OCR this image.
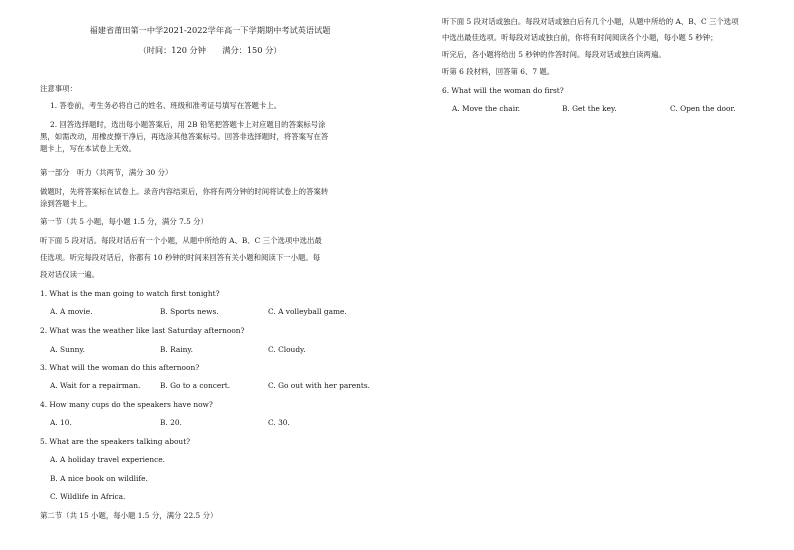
福建省莆田第一中学2021-2022学年高一下学期期中考试英语试题
（时间：120 分钟　　满分：150 分）
注意事项：
1. 答卷前，考生务必将自己的姓名、班级和准考证号填写在答题卡上。
2. 回答选择题时，选出每小题答案后，用 2B 铅笔把答题卡上对应题目的答案标号涂
黑，如需改动，用橡皮擦干净后，再选涂其他答案标号。回答非选择题时，将答案写在答
题卡上，写在本试卷上无效。
第一部分　听力（共两节，满分 30 分）
做题时，先将答案标在试卷上。录音内容结束后，你将有两分钟的时间将试卷上的答案转
涂到答题卡上。
第一节（共 5 小题，每小题 1.5 分，满分 7.5 分）
听下面 5 段对话。每段对话后有一个小题，从题中所给的 A、B、C 三个选项中选出最
佳选项。听完每段对话后，你都有 10 秒钟的时间来回答有关小题和阅读下一小题。每
段对话仅读一遍。
1. What is the man going to watch first tonight?
A. A movie.	B. Sports news.	C. A volleyball game.
2. What was the weather like last Saturday afternoon?
A. Sunny.	B. Rainy.	C. Cloudy.
3. What will the woman do this afternoon?
A. Wait for a repairman.	B. Go to a concert.	C. Go out with her parents.
4. How many cups do the speakers have now?
A. 10.	B. 20.	C. 30.
5. What are the speakers talking about?
A. A holiday travel experience.
B. A nice book on wildlife.
C. Wildlife in Africa.
第二节（共 15 小题，每小题 1.5 分，满分 22.5 分）
听下面 5 段对话或独白。每段对话或独白后有几个小题，从题中所给的 A、B、C 三个选项
中选出最佳选项。听每段对话或独白前，你将有时间阅读各个小题，每小题 5 秒钟；
听完后，各小题将给出 5 秒钟的作答时间。每段对话或独白读两遍。
听第 6 段材料，回答第 6、7 题。
6. What will the woman do first?
A. Move the chair.	B. Get the key.	C. Open the door.
